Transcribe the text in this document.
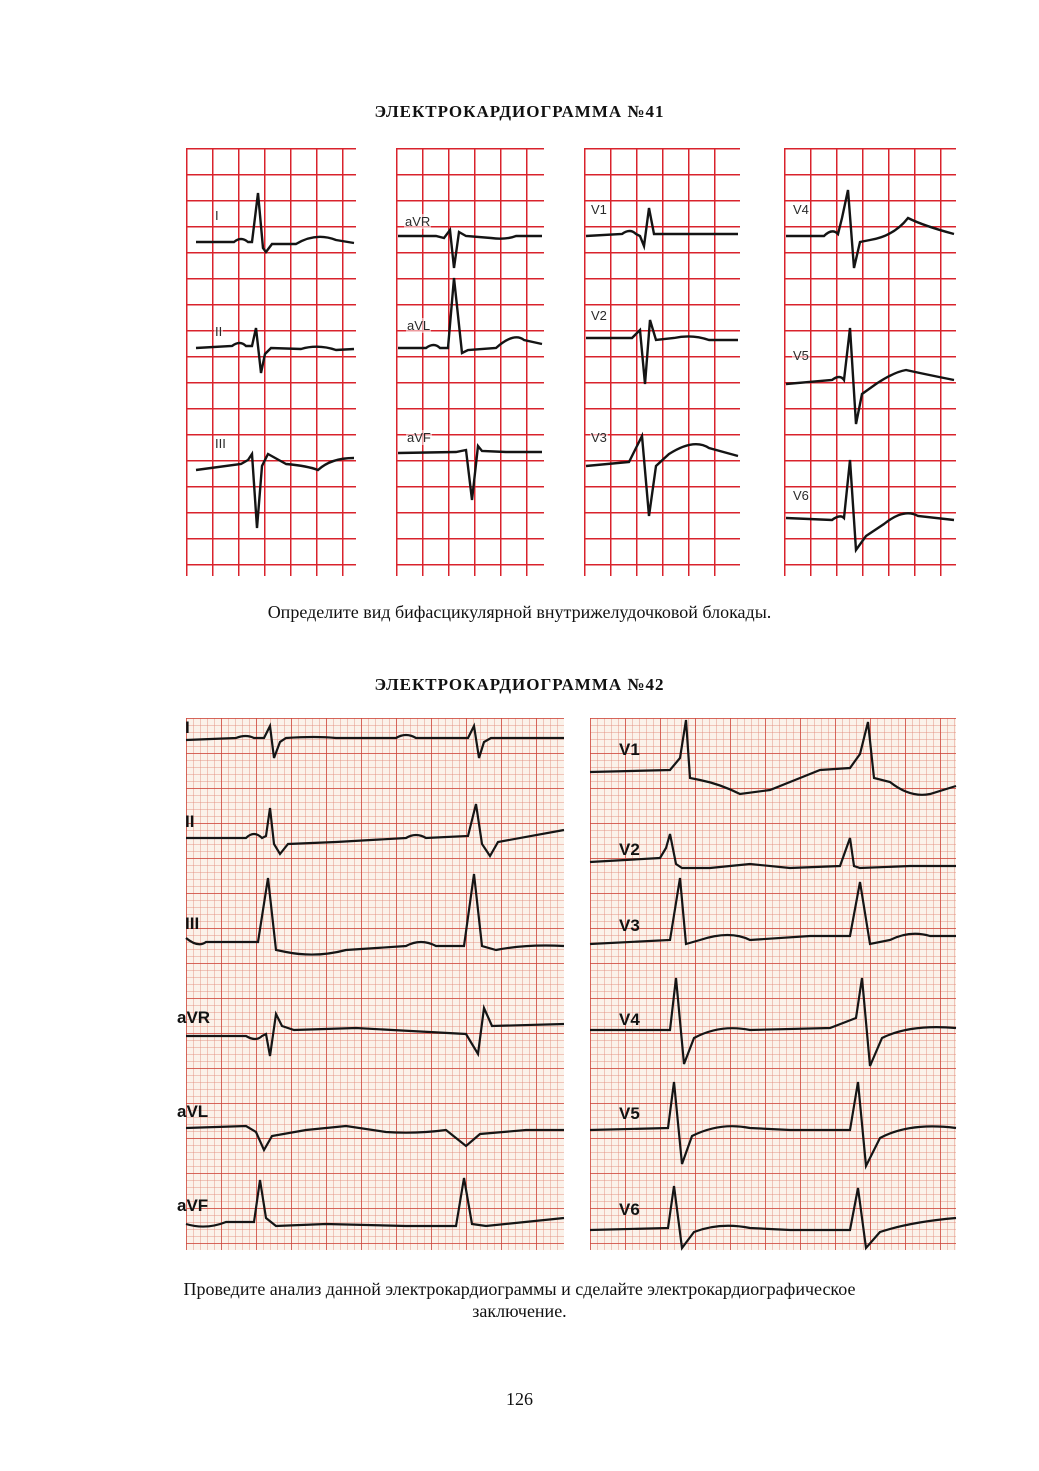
ЭЛЕКТРОКАРДИОГРАММА №41
I
II
III
aVR
aVL
aVF
V1
V2
V3
V4
V5
V6
Определите вид бифасцикулярной внутрижелудочковой блокады.
ЭЛЕКТРОКАРДИОГРАММА №42
I
II
III
aVR
aVL
aVF
V1
V2
V3
V4
V5
V6
Проведите анализ данной электрокардиограммы и сделайте электрокардиографическое
заключение.
126
